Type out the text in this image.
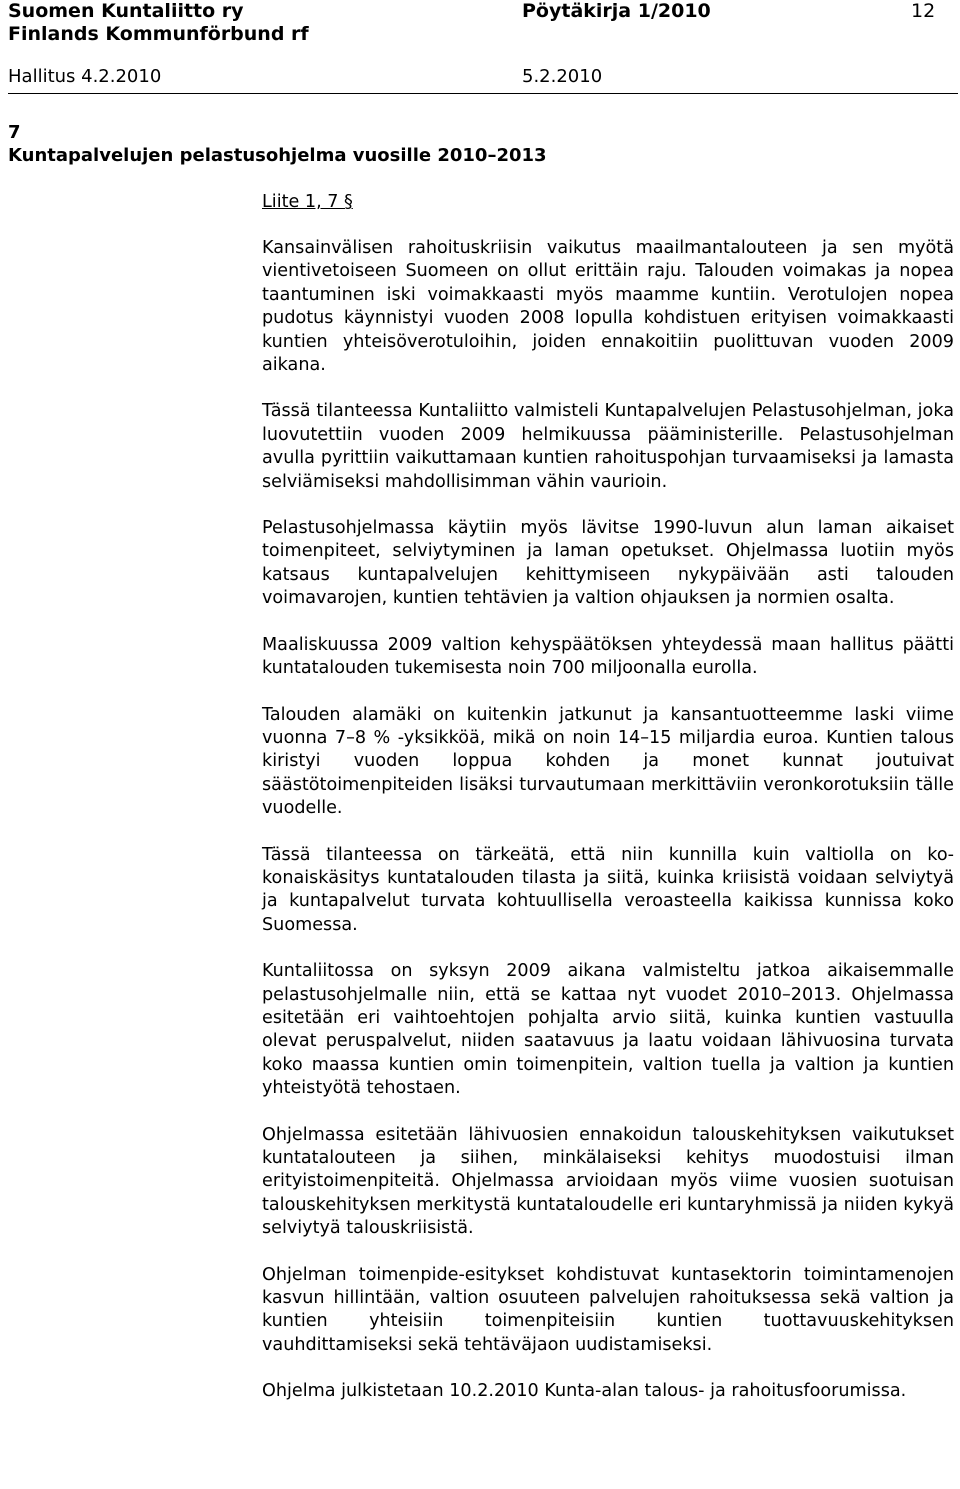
Suomen Kuntaliitto ry
Finlands Kommunförbund rf
Pöytäkirja 1/2010	12
Hallitus 4.2.2010	5.2.2010
7
Kuntapalvelujen pelastusohjelma vuosille 2010–2013
Liite 1, 7 §

Kansainvälisen rahoituskriisin vaikutus maailmantalouteen ja sen myötä vientivetoiseen Suomeen on ollut erittäin raju. Talouden voimakas ja nopea taantuminen iski voimakkaasti myös maamme kuntiin. Verotulojen nopea pudotus käynnistyi vuoden 2008 lopulla kohdistuen erityisen voimakkaasti kuntien yhteisöverotuloihin, joiden ennakoitiin puolittuvan vuoden 2009 aikana.

Tässä tilanteessa Kuntaliitto valmisteli Kuntapalvelujen Pelastusohjelman, joka luovutettiin vuoden 2009 helmikuussa pääministerille. Pelastusohjelman avulla pyrittiin vaikuttamaan kuntien rahoituspohjan turvaamiseksi ja lamasta selviämiseksi mahdollisimman vähin vaurioin.

Pelastusohjelmassa käytiin myös lävitse 1990-luvun alun laman aikaiset toimenpiteet, selviytyminen ja laman opetukset. Ohjelmassa luotiin myös katsaus kuntapalvelujen kehittymiseen nykypäivään asti talouden voimavarojen, kuntien tehtävien ja valtion ohjauksen ja normien osalta.

Maaliskuussa 2009 valtion kehyspäätöksen yhteydessä maan hallitus päätti kuntatalouden tukemisesta noin 700 miljoonalla eurolla.

Talouden alamäki on kuitenkin jatkunut ja kansantuotteemme laski viime vuonna 7–8 % -yksikköä, mikä on noin 14–15 miljardia euroa. Kuntien talous kiristyi vuoden loppua kohden ja monet kunnat joutuivat säästötoimenpiteiden lisäksi turvautumaan merkittäviin veronkorotuksiin tälle vuodelle.

Tässä tilanteessa on tärkeätä, että niin kunnilla kuin valtiolla on kokonaiskäsitys kuntatalouden tilasta ja siitä, kuinka kriisistä voidaan selviytyä ja kuntapalvelut turvata kohtuullisella veroasteella kaikissa kunnissa koko Suomessa.

Kuntaliitossa on syksyn 2009 aikana valmisteltu jatkoa aikaisemmalle pelastusohjelmalle niin, että se kattaa nyt vuodet 2010–2013. Ohjelmassa esitetään eri vaihtoehtojen pohjalta arvio siitä, kuinka kuntien vastuulla olevat peruspalvelut, niiden saatavuus ja laatu voidaan lähivuosina turvata koko maassa kuntien omin toimenpitein, valtion tuella ja valtion ja kuntien yhteistyötä tehostaen.

Ohjelmassa esitetään lähivuosien ennakoidun talouskehityksen vaikutukset kuntatalouteen ja siihen, minkälaiseksi kehitys muodostuisi ilman erityistoimenpiteitä. Ohjelmassa arvioidaan myös viime vuosien suotuisan talouskehityksen merkitystä kuntataloudelle eri kuntaryhmissä ja niiden kykyä selviytyä talouskriisistä.

Ohjelman toimenpide-esitykset kohdistuvat kuntasektorin toimintamenojen kasvun hillintään, valtion osuuteen palvelujen rahoituksessa sekä valtion ja kuntien yhteisiin toimenpiteisiin kuntien tuottavuuskehityksen vauhdittamiseksi sekä tehtäväjaon uudistamiseksi.

Ohjelma julkistetaan 10.2.2010 Kunta-alan talous- ja rahoitusfoorumissa.
